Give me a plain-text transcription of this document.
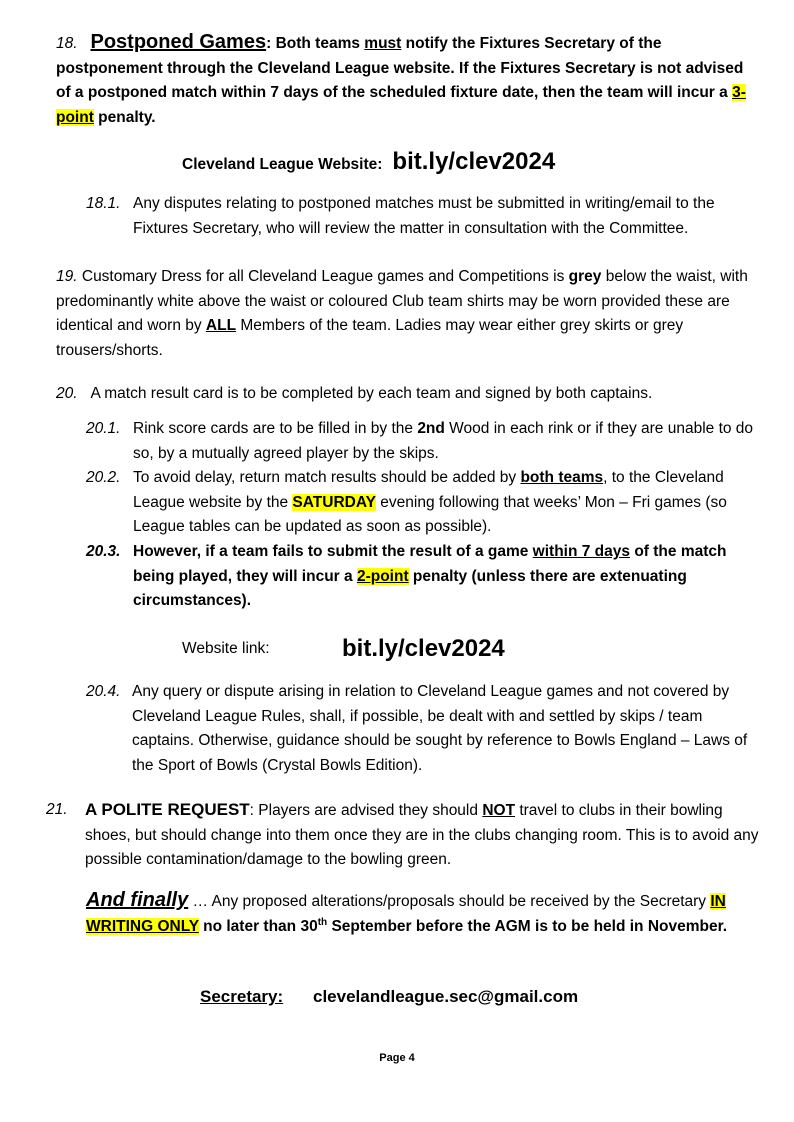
18. Postponed Games: Both teams must notify the Fixtures Secretary of the postponement through the Cleveland League website. If the Fixtures Secretary is not advised of a postponed match within 7 days of the scheduled fixture date, then the team will incur a 3-point penalty.
Cleveland League Website: bit.ly/clev2024
18.1. Any disputes relating to postponed matches must be submitted in writing/email to the Fixtures Secretary, who will review the matter in consultation with the Committee.
19. Customary Dress for all Cleveland League games and Competitions is grey below the waist, with predominantly white above the waist or coloured Club team shirts may be worn provided these are identical and worn by ALL Members of the team. Ladies may wear either grey skirts or grey trousers/shorts.
20. A match result card is to be completed by each team and signed by both captains.
20.1. Rink score cards are to be filled in by the 2nd Wood in each rink or if they are unable to do so, by a mutually agreed player by the skips.
20.2. To avoid delay, return match results should be added by both teams, to the Cleveland League website by the SATURDAY evening following that weeks’ Mon – Fri games (so League tables can be updated as soon as possible).
20.3. However, if a team fails to submit the result of a game within 7 days of the match being played, they will incur a 2-point penalty (unless there are extenuating circumstances).
Website link:	bit.ly/clev2024
20.4. Any query or dispute arising in relation to Cleveland League games and not covered by Cleveland League Rules, shall, if possible, be dealt with and settled by skips / team captains. Otherwise, guidance should be sought by reference to Bowls England – Laws of the Sport of Bowls (Crystal Bowls Edition).
21. A POLITE REQUEST: Players are advised they should NOT travel to clubs in their bowling shoes, but should change into them once they are in the clubs changing room. This is to avoid any possible contamination/damage to the bowling green.
And finally … Any proposed alterations/proposals should be received by the Secretary IN WRITING ONLY no later than 30th September before the AGM is to be held in November.
Secretary: clevelandleague.sec@gmail.com
Page 4
